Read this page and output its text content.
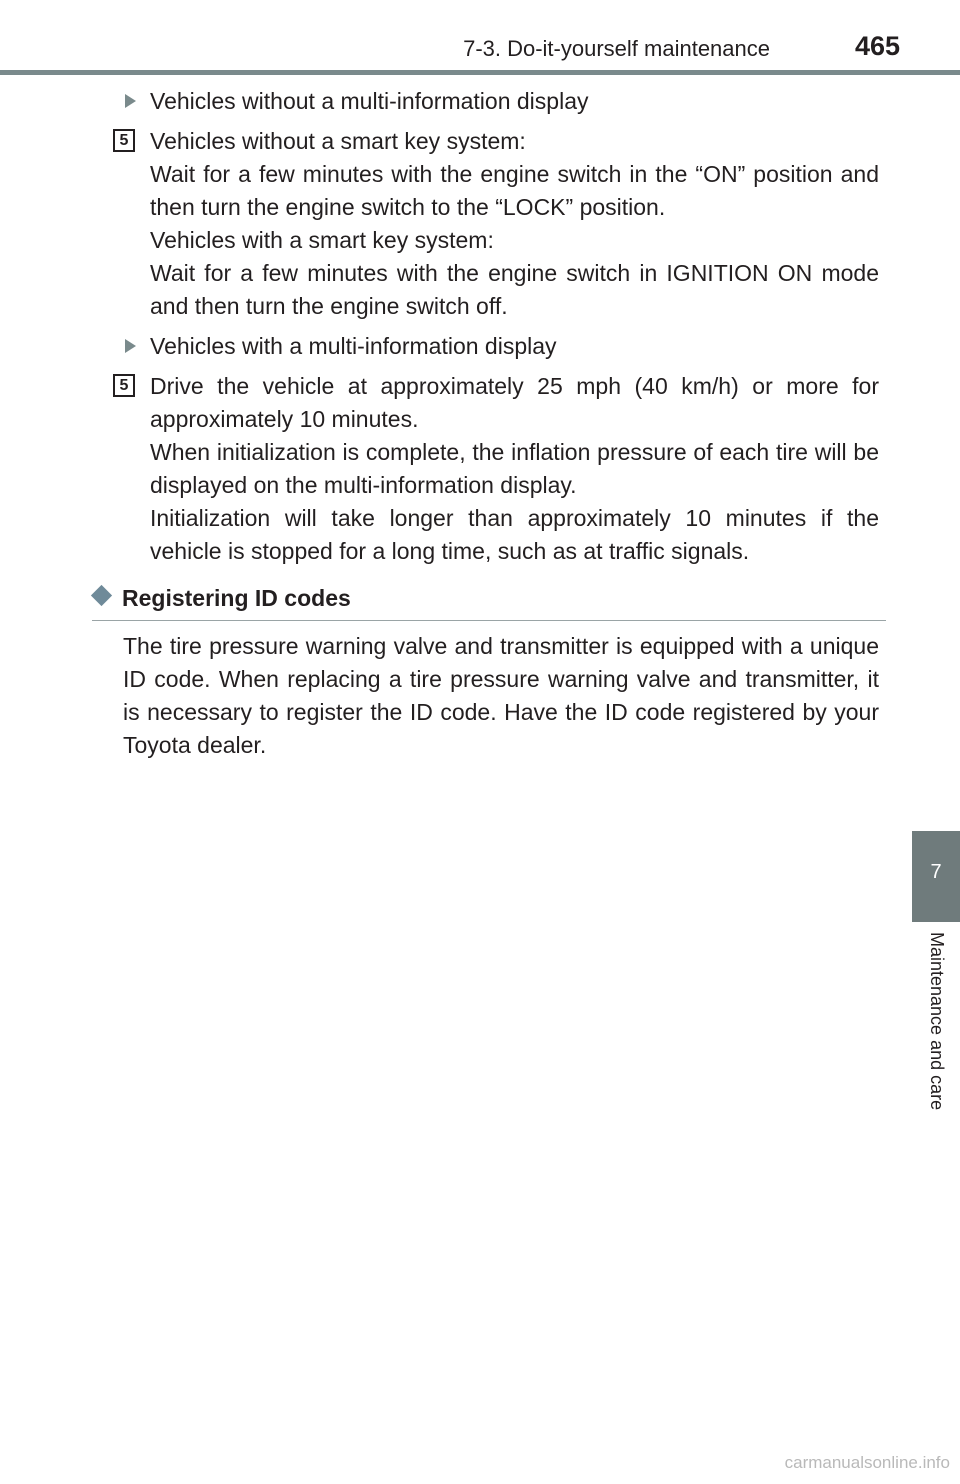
7-3. Do-it-yourself maintenance	465
7
Maintenance and care
Vehicles without a multi-information display
5 Vehicles without a smart key system:

Wait for a few minutes with the engine switch in the “ON” position and then turn the engine switch to the “LOCK” position.

Vehicles with a smart key system:

Wait for a few minutes with the engine switch in IGNITION ON mode and then turn the engine switch off.

Vehicles with a multi-information display
5 Drive the vehicle at approximately 25 mph (40 km/h) or more for approximately 10 minutes.

When initialization is complete, the inflation pressure of each tire will be displayed on the multi-information display.

Initialization will take longer than approximately 10 minutes if the vehicle is stopped for a long time, such as at traffic signals.

Registering ID codes

The tire pressure warning valve and transmitter is equipped with a unique ID code. When replacing a tire pressure warning valve and transmitter, it is necessary to register the ID code. Have the ID code registered by your Toyota dealer.

carmanualsonline.info
